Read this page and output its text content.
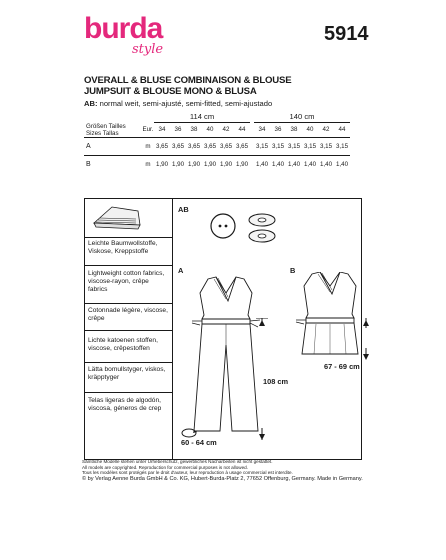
burda
style
5914
OVERALL & BLUSE COMBINAISON & BLOUSE
JUMPSUIT & BLOUSE MONO & BLUSA
AB: normal weit, semi-ajusté, semi-fitted, semi-ajustado
		114 cm							140 cm					

Größen Tailles
Sizes Tallas	Eur.	34	36	38	40	42	44		34	36	38	40	42	44
A	m	3,65	3,65	3,65	3,65	3,65	3,65		3,15	3,15	3,15	3,15	3,15	3,15
B	m	1,90	1,90	1,90	1,90	1,90	1,90		1,40	1,40	1,40	1,40	1,40	1,40
Leichte Baumwollstoffe, Viskose, Kreppstoffe
Lightweight cotton fabrics, viscose-rayon, crêpe fabrics
Cotonnade légère, viscose, crêpe
Lichte katoenen stoffen, viscose, crêpestoffen
Lätta bomullstyger, viskos, kräpptyger
Telas ligeras de algodón, viscosa, géneros de crep
AB
A	B
108 cm
60 - 64 cm
67 - 69 cm
Sämtliche Modelle stehen unter Urheberschutz, gewerbliches Nacharbeiten ist nicht gestattet.
All models are copyrighted. Reproduction for commercial purposes is not allowed.
Tous les modèles sont protégés par le droit d'auteur, leur reproduction à usage commercial est interdite.
© by Verlag Aenne Burda GmbH & Co. KG, Hubert-Burda-Platz 2, 77652 Offenburg, Germany. Made in Germany.
